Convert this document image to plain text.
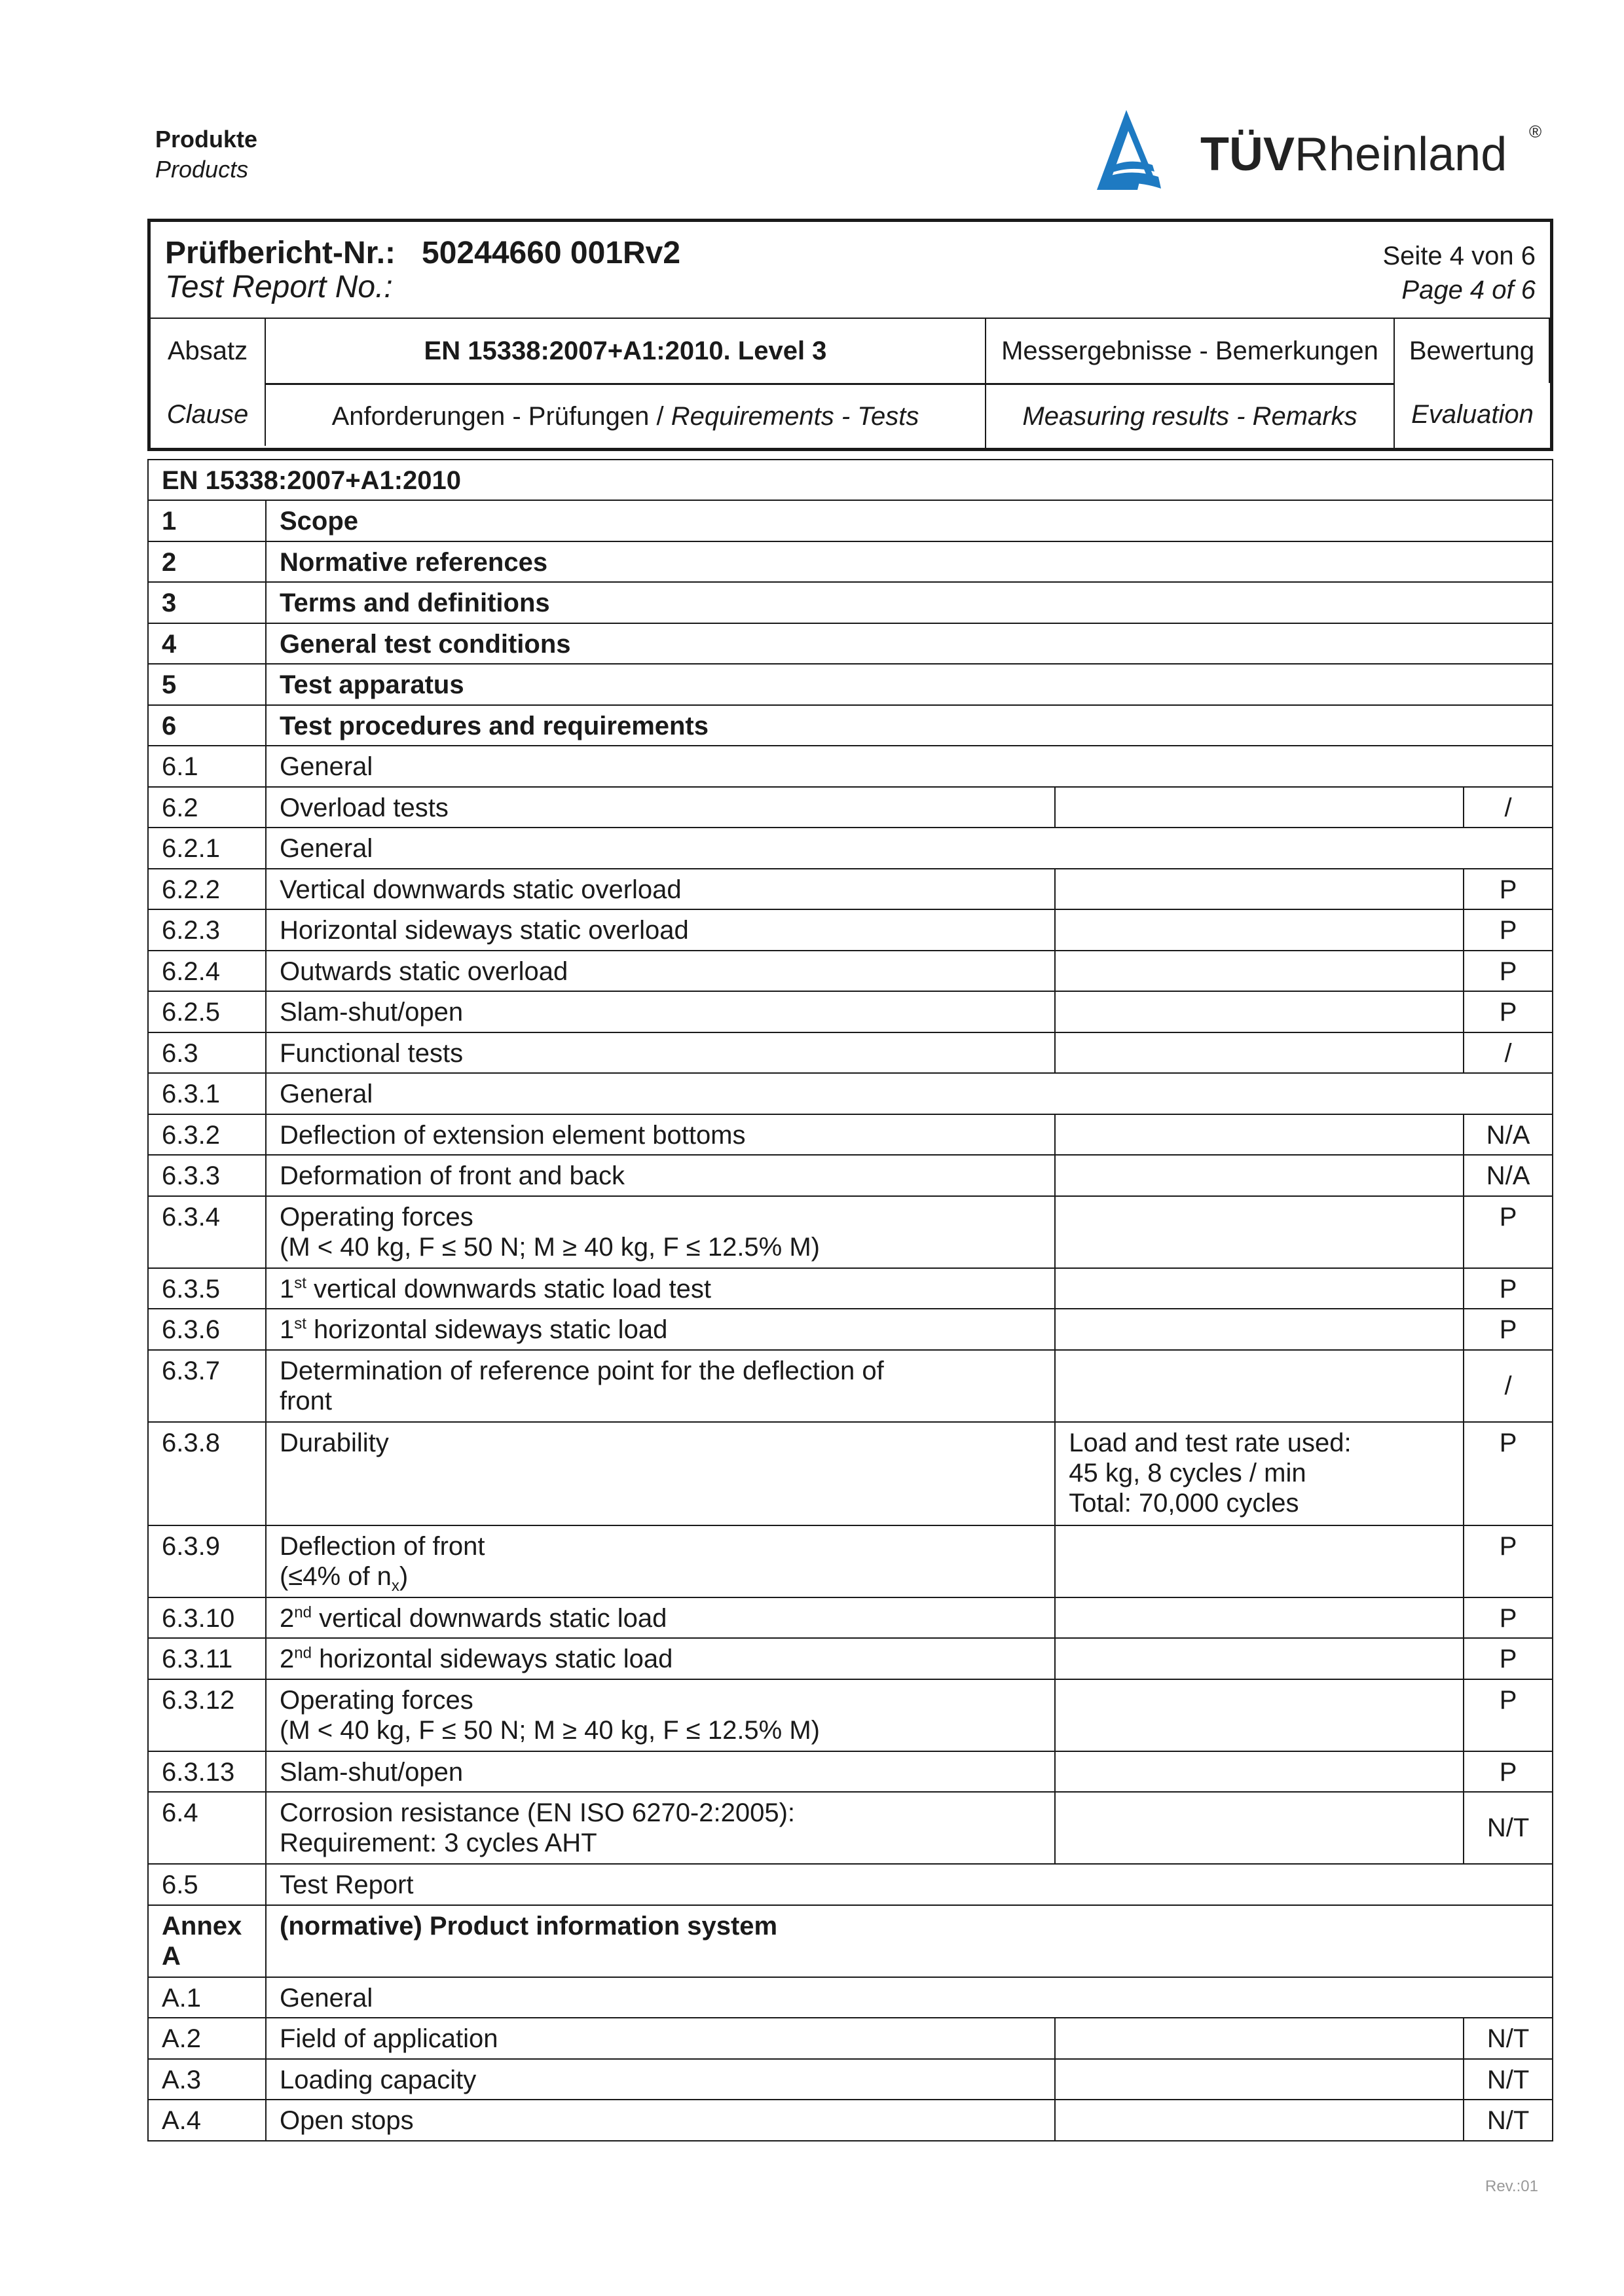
Produkte
Products	TÜVRheinland ®
Prüfbericht-Nr.: 50244660 001Rv2
Test Report No.:
Seite 4 von 6
Page 4 of 6
Absatz	EN 15338:2007+A1:2010. Level 3	Messergebnisse - Bemerkungen	Bewertung
Clause	Anforderungen - Prüfungen / Requirements - Tests	Measuring results - Remarks	Evaluation
EN 15338:2007+A1:2010			
1	Scope		
2	Normative references		
3	Terms and definitions		
4	General test conditions		
5	Test apparatus		
6	Test procedures and requirements		
6.1	General		
6.2	Overload tests		/
6.2.1	General		
6.2.2	Vertical downwards static overload		P
6.2.3	Horizontal sideways static overload		P
6.2.4	Outwards static overload		P
6.2.5	Slam-shut/open		P
6.3	Functional tests		/
6.3.1	General		
6.3.2	Deflection of extension element bottoms		N/A
6.3.3	Deformation of front and back		N/A
6.3.4	Operating forces
(M < 40 kg, F ≤ 50 N; M ≥ 40 kg, F ≤ 12.5% M)		P
6.3.5	1st vertical downwards static load test		P
6.3.6	1st horizontal sideways static load		P
6.3.7	Determination of reference point for the deflection of
front		/
6.3.8	Durability	Load and test rate used:
45 kg, 8 cycles / min
Total: 70,000 cycles	P
6.3.9	Deflection of front
(≤4% of $n_x$)		P
6.3.10	2nd vertical downwards static load		P
6.3.11	2nd horizontal sideways static load		P
6.3.12	Operating forces
(M < 40 kg, F ≤ 50 N; M ≥ 40 kg, F ≤ 12.5% M)		P
6.3.13	Slam-shut/open		P
6.4	Corrosion resistance (EN ISO 6270-2:2005):
Requirement: 3 cycles AHT		N/T
6.5	Test Report		
Annex
A	(normative) Product information system		
A.1	General		
A.2	Field of application		N/T
A.3	Loading capacity		N/T
A.4	Open stops		N/T
Rev.:01
